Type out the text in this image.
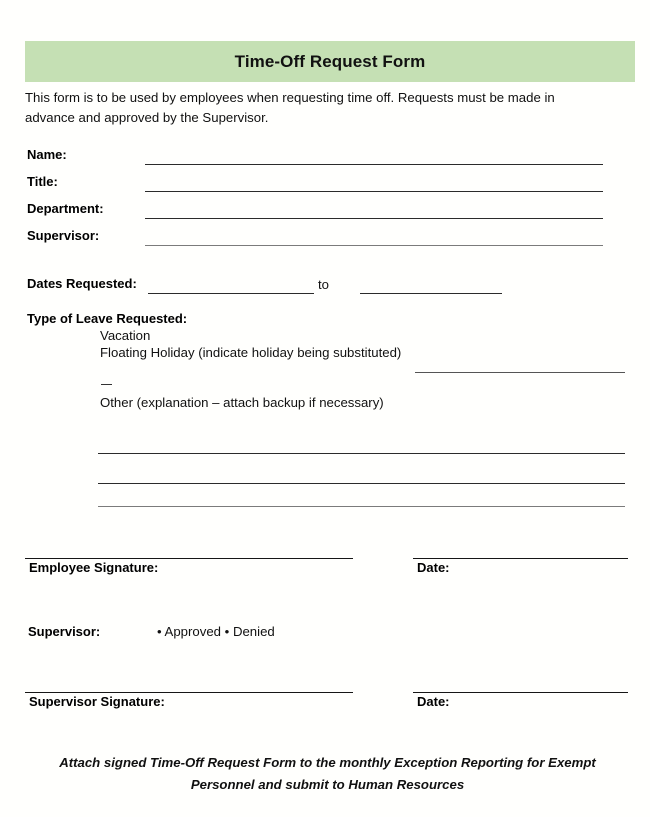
Time-Off Request Form
This form is to be used by employees when requesting time off. Requests must be made in advance and approved by the Supervisor.
Name:
Title:
Department:
Supervisor:
Dates Requested:	to
Type of Leave Requested:
Vacation
Floating Holiday (indicate holiday being substituted)
Other (explanation – attach backup if necessary)
Employee Signature:	Date:
Supervisor:	• Approved • Denied
Supervisor Signature:	Date:
Attach signed Time-Off Request Form to the monthly Exception Reporting for Exempt
Personnel and submit to Human Resources
